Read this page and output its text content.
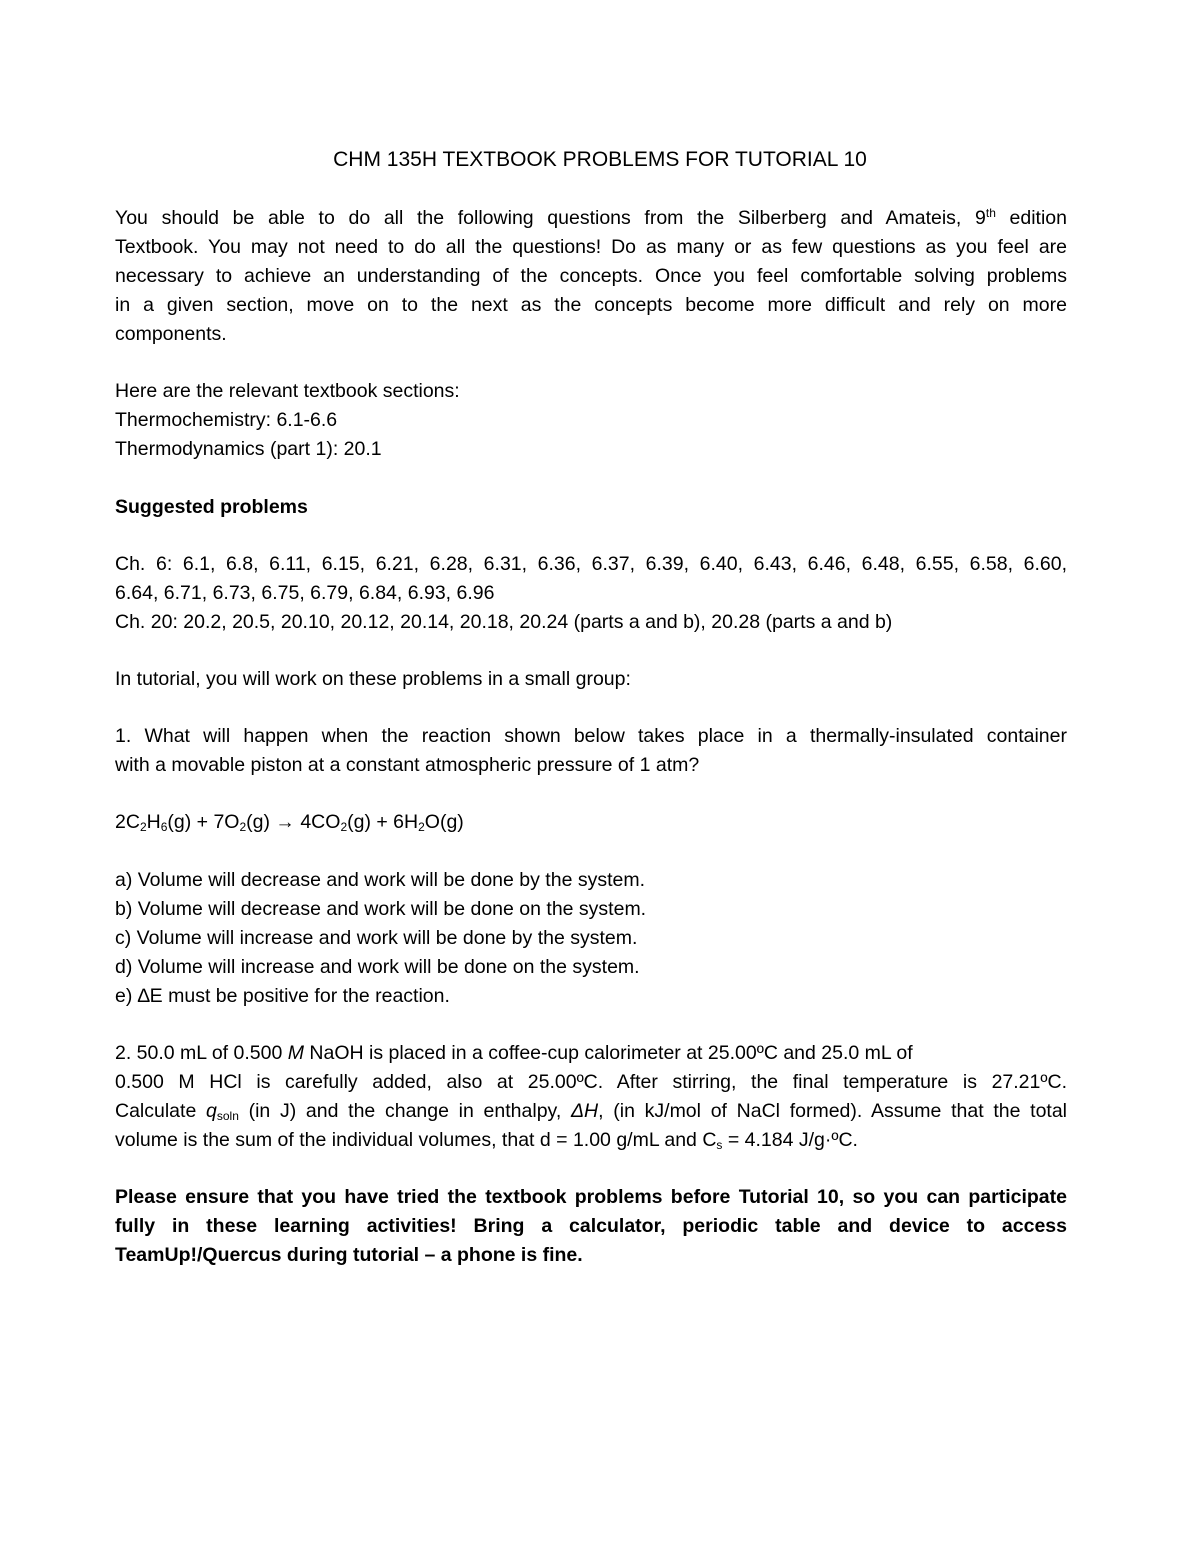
CHM 135H TEXTBOOK PROBLEMS FOR TUTORIAL 10
You should be able to do all the following questions from the Silberberg and Amateis, 9th edition
Textbook. You may not need to do all the questions! Do as many or as few questions as you feel are
necessary to achieve an understanding of the concepts. Once you feel comfortable solving problems
in a given section, move on to the next as the concepts become more difficult and rely on more
components.
Here are the relevant textbook sections:
Thermochemistry: 6.1-6.6
Thermodynamics (part 1): 20.1
Suggested problems
Ch. 6: 6.1, 6.8, 6.11, 6.15, 6.21, 6.28, 6.31, 6.36, 6.37, 6.39, 6.40, 6.43, 6.46, 6.48, 6.55, 6.58, 6.60,
6.64, 6.71, 6.73, 6.75, 6.79, 6.84, 6.93, 6.96
Ch. 20: 20.2, 20.5, 20.10, 20.12, 20.14, 20.18, 20.24 (parts a and b), 20.28 (parts a and b)
In tutorial, you will work on these problems in a small group:
1. What will happen when the reaction shown below takes place in a thermally-insulated container
with a movable piston at a constant atmospheric pressure of 1 atm?
$2C_2H_6(g) + 7O_2(g) \to 4CO_2(g) + 6H_2O(g)$
a) Volume will decrease and work will be done by the system.
b) Volume will decrease and work will be done on the system.
c) Volume will increase and work will be done by the system.
d) Volume will increase and work will be done on the system.
e) ∆E must be positive for the reaction.
2. 50.0 mL of 0.500 M NaOH is placed in a coffee-cup calorimeter at 25.00ºC and 25.0 mL of
0.500 M HCl is carefully added, also at 25.00ºC. After stirring, the final temperature is 27.21ºC.
Calculate $q_{soln}$ (in J) and the change in enthalpy, ΔH, (in kJ/mol of NaCl formed). Assume that the total
volume is the sum of the individual volumes, that d = 1.00 g/mL and $C_s = 4.184$ J/g·ºC.
Please ensure that you have tried the textbook problems before Tutorial 10, so you can participate
fully in these learning activities! Bring a calculator, periodic table and device to access
TeamUp!/Quercus during tutorial – a phone is fine.
